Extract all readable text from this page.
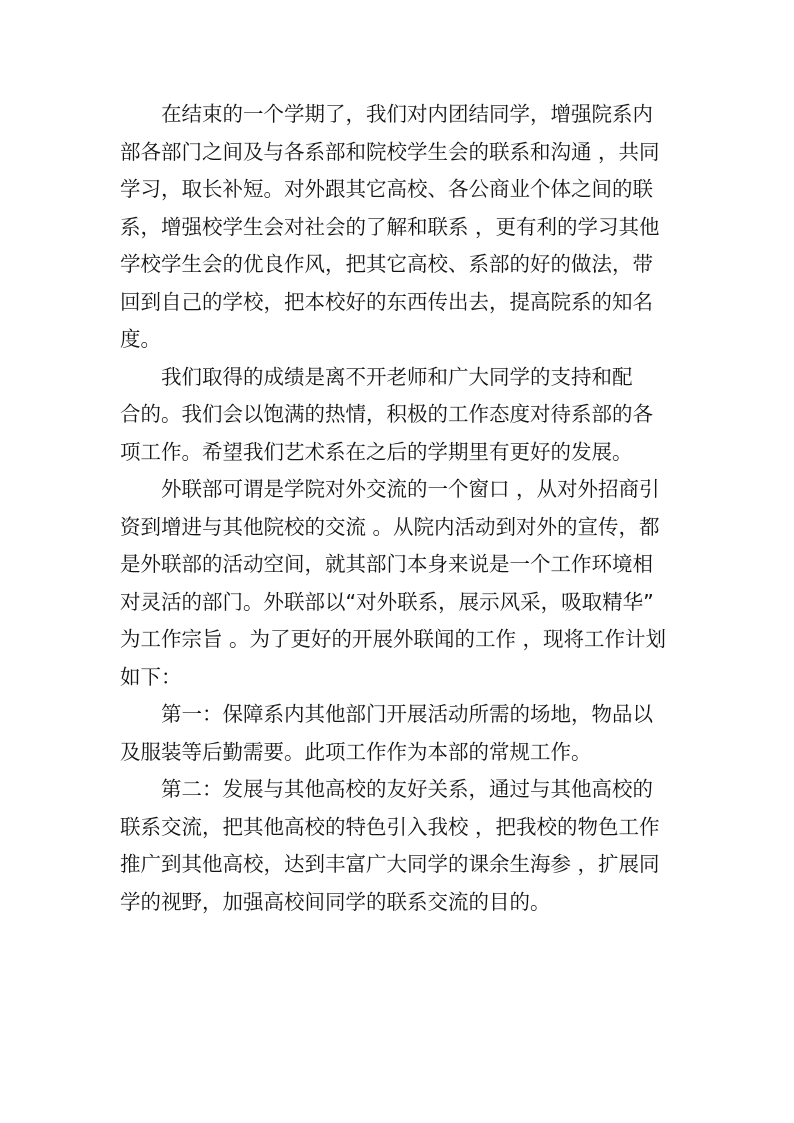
在结束的一个学期了，我们对内团结同学，增强院系内
部各部门之间及与各系部和院校学生会的联系和沟通 ，共同
学习，取长补短。对外跟其它高校、各公商业个体之间的联
系，增强校学生会对社会的了解和联系 ，更有利的学习其他
学校学生会的优良作风，把其它高校、系部的好的做法，带
回到自己的学校，把本校好的东西传出去，提高院系的知名
度。

我们取得的成绩是离不开老师和广大同学的支持和配
合的。我们会以饱满的热情，积极的工作态度对待系部的各
项工作。希望我们艺术系在之后的学期里有更好的发展。

外联部可谓是学院对外交流的一个窗口 ，从对外招商引
资到增进与其他院校的交流 。从院内活动到对外的宣传，都
是外联部的活动空间，就其部门本身来说是一个工作环境相
对灵活的部门。外联部以“对外联系，展示风采，吸取精华”
为工作宗旨 。为了更好的开展外联闻的工作 ，现将工作计划
如下：

第一：保障系内其他部门开展活动所需的场地，物品以
及服装等后勤需要。此项工作作为本部的常规工作。

第二：发展与其他高校的友好关系，通过与其他高校的
联系交流，把其他高校的特色引入我校 ，把我校的物色工作
推广到其他高校，达到丰富广大同学的课余生海参 ，扩展同
学的视野，加强高校间同学的联系交流的目的。
